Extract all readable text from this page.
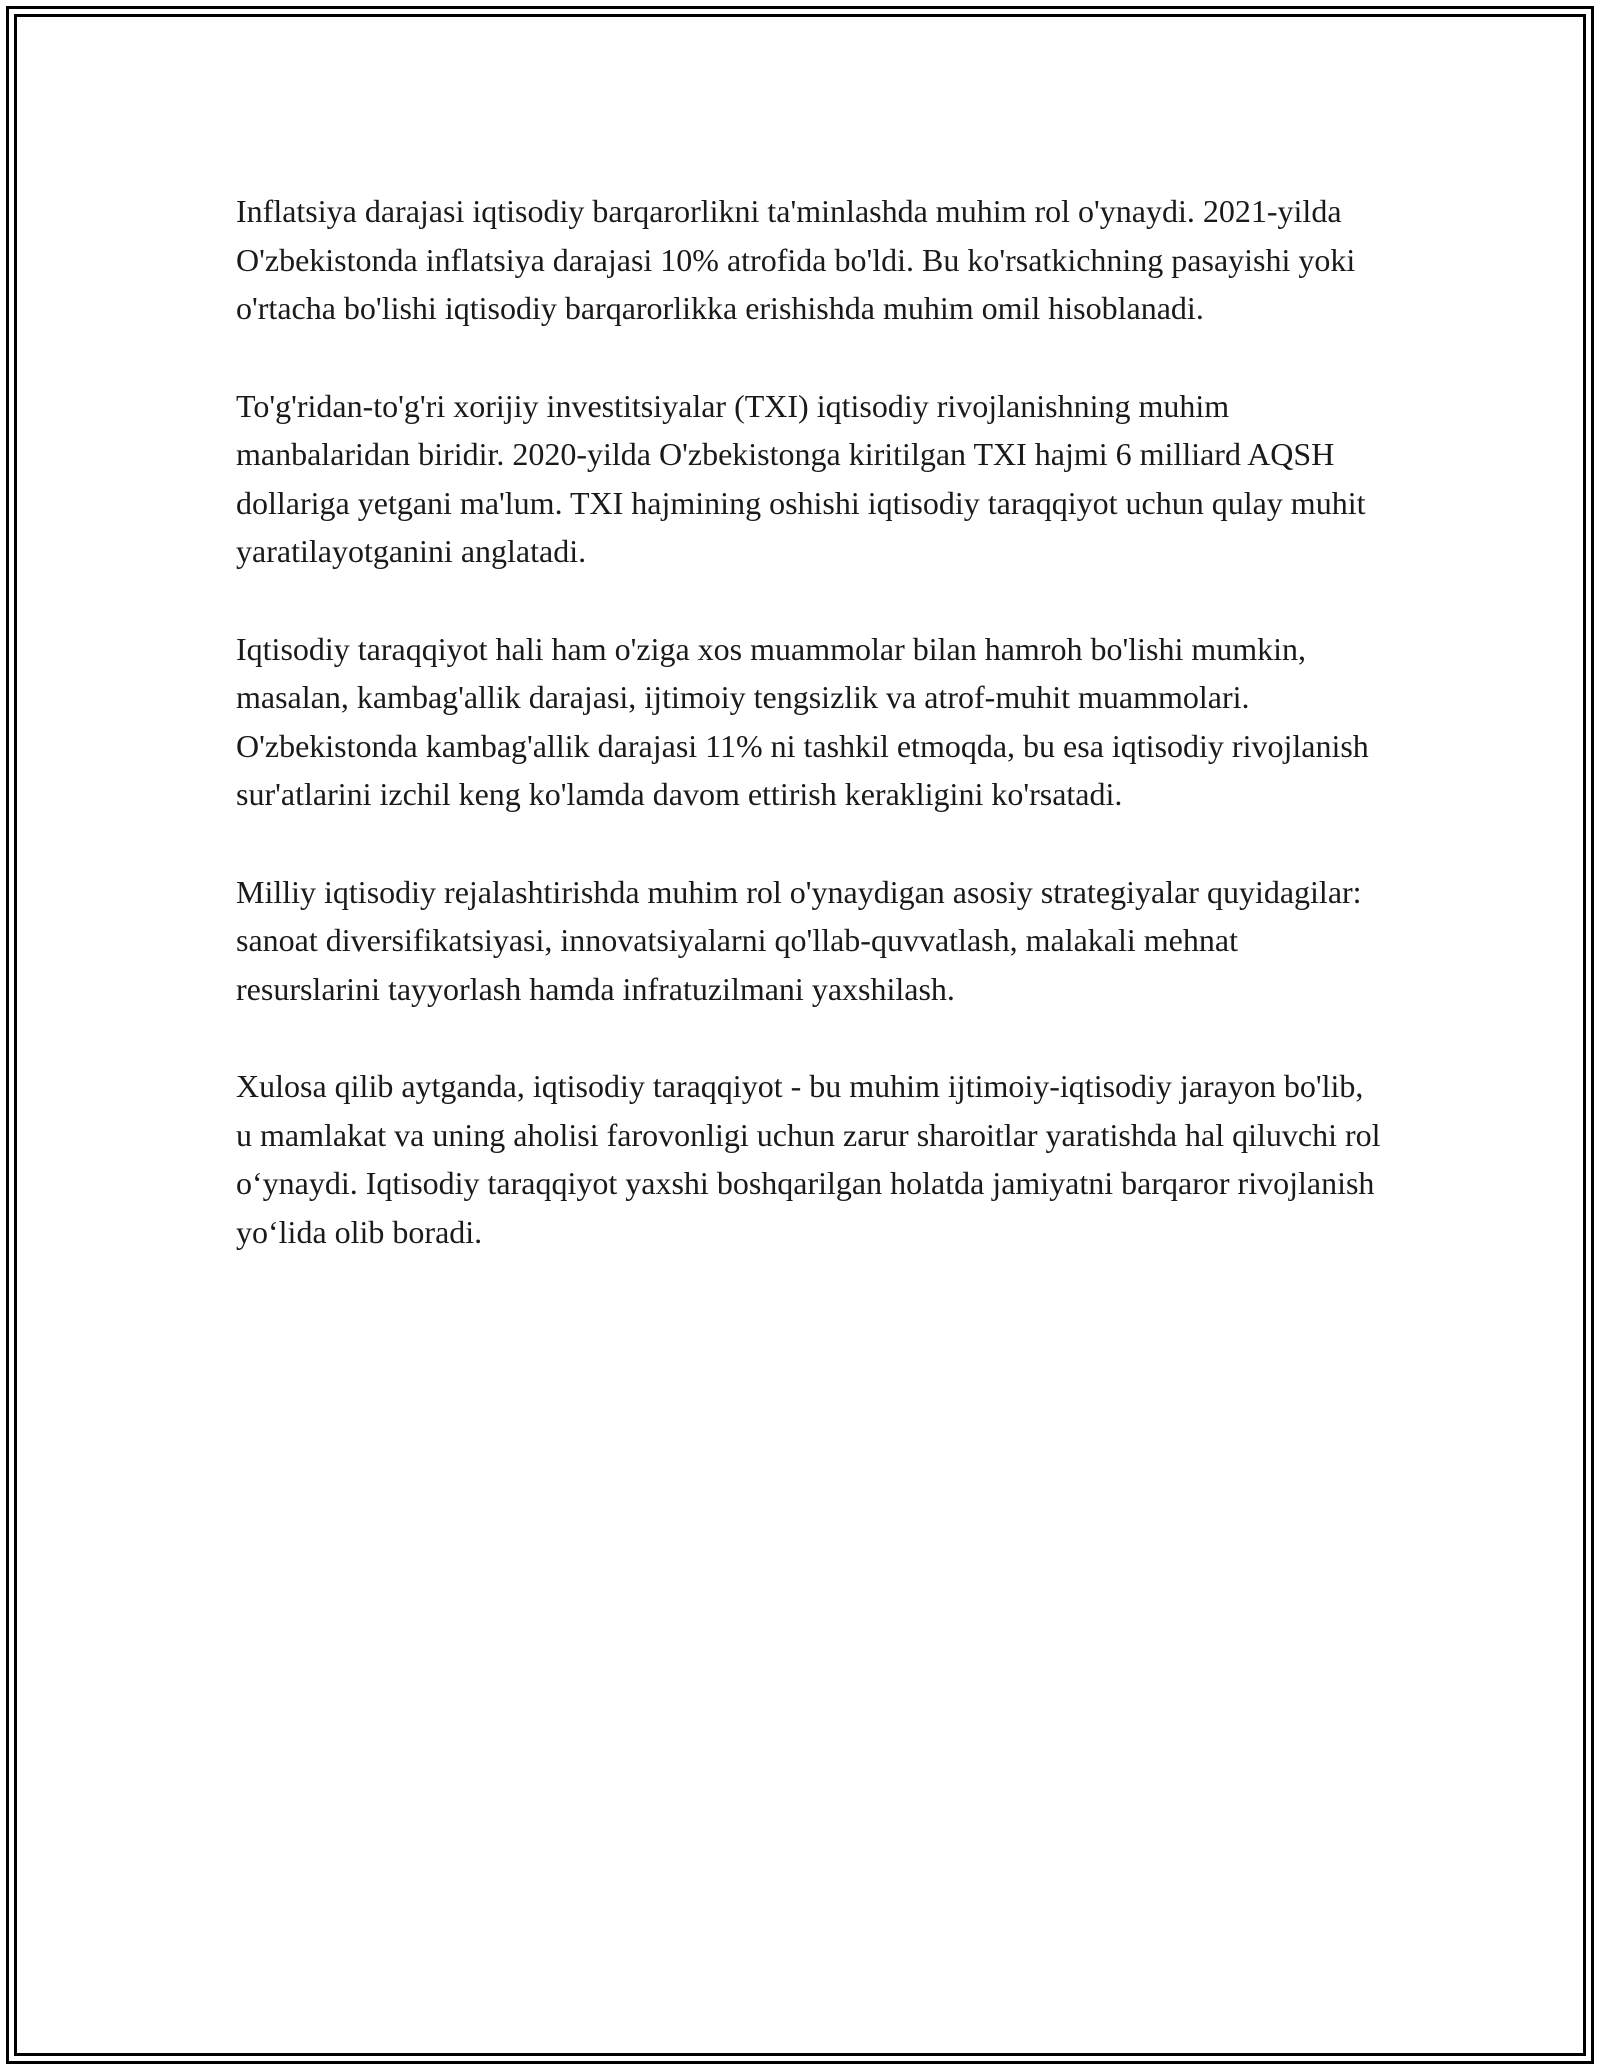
Inflatsiya darajasi iqtisodiy barqarorlikni ta'minlashda muhim rol o'ynaydi. 2021-yilda O'zbekistonda inflatsiya darajasi 10% atrofida bo'ldi. Bu ko'rsatkichning pasayishi yoki o'rtacha bo'lishi iqtisodiy barqarorlikka erishishda muhim omil hisoblanadi.

To'g'ridan-to'g'ri xorijiy investitsiyalar (TXI) iqtisodiy rivojlanishning muhim manbalaridan biridir. 2020-yilda O'zbekistonga kiritilgan TXI hajmi 6 milliard AQSH dollariga yetgani ma'lum. TXI hajmining oshishi iqtisodiy taraqqiyot uchun qulay muhit yaratilayotganini anglatadi.

Iqtisodiy taraqqiyot hali ham o'ziga xos muammolar bilan hamroh bo'lishi mumkin, masalan, kambag'allik darajasi, ijtimoiy tengsizlik va atrof-muhit muammolari. O'zbekistonda kambag'allik darajasi 11% ni tashkil etmoqda, bu esa iqtisodiy rivojlanish sur'atlarini izchil keng ko'lamda davom ettirish kerakligini ko'rsatadi.

Milliy iqtisodiy rejalashtirishda muhim rol o'ynaydigan asosiy strategiyalar quyidagilar: sanoat diversifikatsiyasi, innovatsiyalarni qo'llab-quvvatlash, malakali mehnat resurslarini tayyorlash hamda infratuzilmani yaxshilash.

Xulosa qilib aytganda, iqtisodiy taraqqiyot - bu muhim ijtimoiy-iqtisodiy jarayon bo'lib, u mamlakat va uning aholisi farovonligi uchun zarur sharoitlar yaratishda hal qiluvchi rol o‘ynaydi. Iqtisodiy taraqqiyot yaxshi boshqarilgan holatda jamiyatni barqaror rivojlanish yo‘lida olib boradi.
